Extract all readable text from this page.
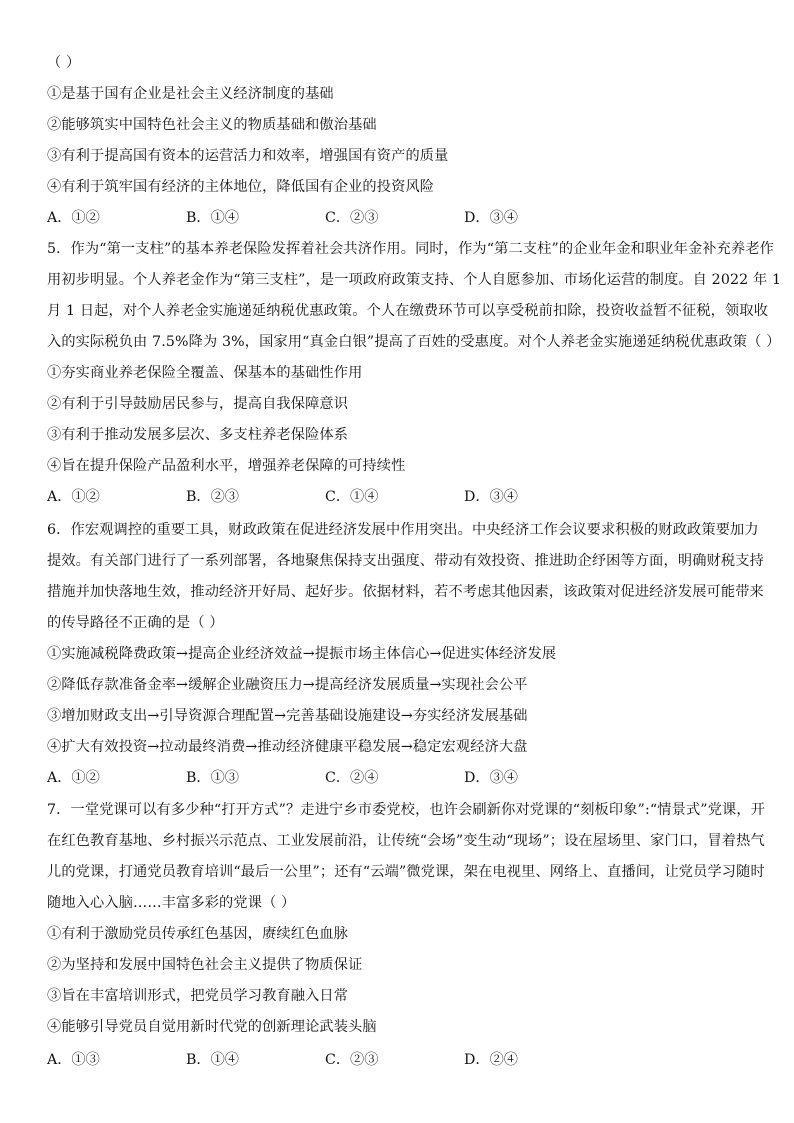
（ ）
①是基于国有企业是社会主义经济制度的基础
②能够筑实中国特色社会主义的物质基础和傲治基础
③有利于提高国有资本的运营活力和效率，增强国有资产的质量
④有利于筑牢国有经济的主体地位，降低国有企业的投资风险
A．①②	B．①④	C．②③	D．③④
5．作为“第一支柱”的基本养老保险发挥着社会共济作用。同时，作为“第二支柱”的企业年金和职业年金补充养老作
用初步明显。个人养老金作为“第三支柱”，是一项政府政策支持、个人自愿参加、市场化运营的制度。自 2022 年 1
月 1 日起，对个人养老金实施递延纳税优惠政策。个人在缴费环节可以享受税前扣除，投资收益暂不征税，领取收
入的实际税负由 7.5%降为 3%，国家用“真金白银”提高了百姓的受惠度。对个人养老金实施递延纳税优惠政策（ ）
①夯实商业养老保险全覆盖、保基本的基础性作用
②有利于引导鼓励居民参与，提高自我保障意识
③有利于推动发展多层次、多支柱养老保险体系
④旨在提升保险产品盈利水平，增强养老保障的可持续性
A．①②	B．②③	C．①④	D．③④
6．作宏观调控的重要工具，财政政策在促进经济发展中作用突出。中央经济工作会议要求积极的财政政策要加力
提效。有关部门进行了一系列部署，各地聚焦保持支出强度、带动有效投资、推进助企纾困等方面，明确财税支持
措施并加快落地生效，推动经济开好局、起好步。依据材料，若不考虑其他因素，该政策对促进经济发展可能带来
的传导路径不正确的是（ ）
①实施减税降费政策→提高企业经济效益→提振市场主体信心→促进实体经济发展
②降低存款准备金率→缓解企业融资压力→提高经济发展质量→实现社会公平
③增加财政支出→引导资源合理配置→完善基础设施建设→夯实经济发展基础
④扩大有效投资→拉动最终消费→推动经济健康平稳发展→稳定宏观经济大盘
A．①②	B．①③	C．②④	D．③④
7．一堂党课可以有多少种“打开方式”？走进宁乡市委党校，也许会刷新你对党课的“刻板印象”:“情景式”党课，开
在红色教育基地、乡村振兴示范点、工业发展前沿，让传统“会场”变生动“现场”；设在屋场里、家门口，冒着热气
儿的党课，打通党员教育培训“最后一公里”；还有“云端”微党课，架在电视里、网络上、直播间，让党员学习随时
随地入心入脑……丰富多彩的党课（ ）
①有利于激励党员传承红色基因，赓续红色血脉
②为坚持和发展中国特色社会主义提供了物质保证
③旨在丰富培训形式，把党员学习教育融入日常
④能够引导党员自觉用新时代党的创新理论武装头脑
A．①③	B．①④	C．②③	D．②④
